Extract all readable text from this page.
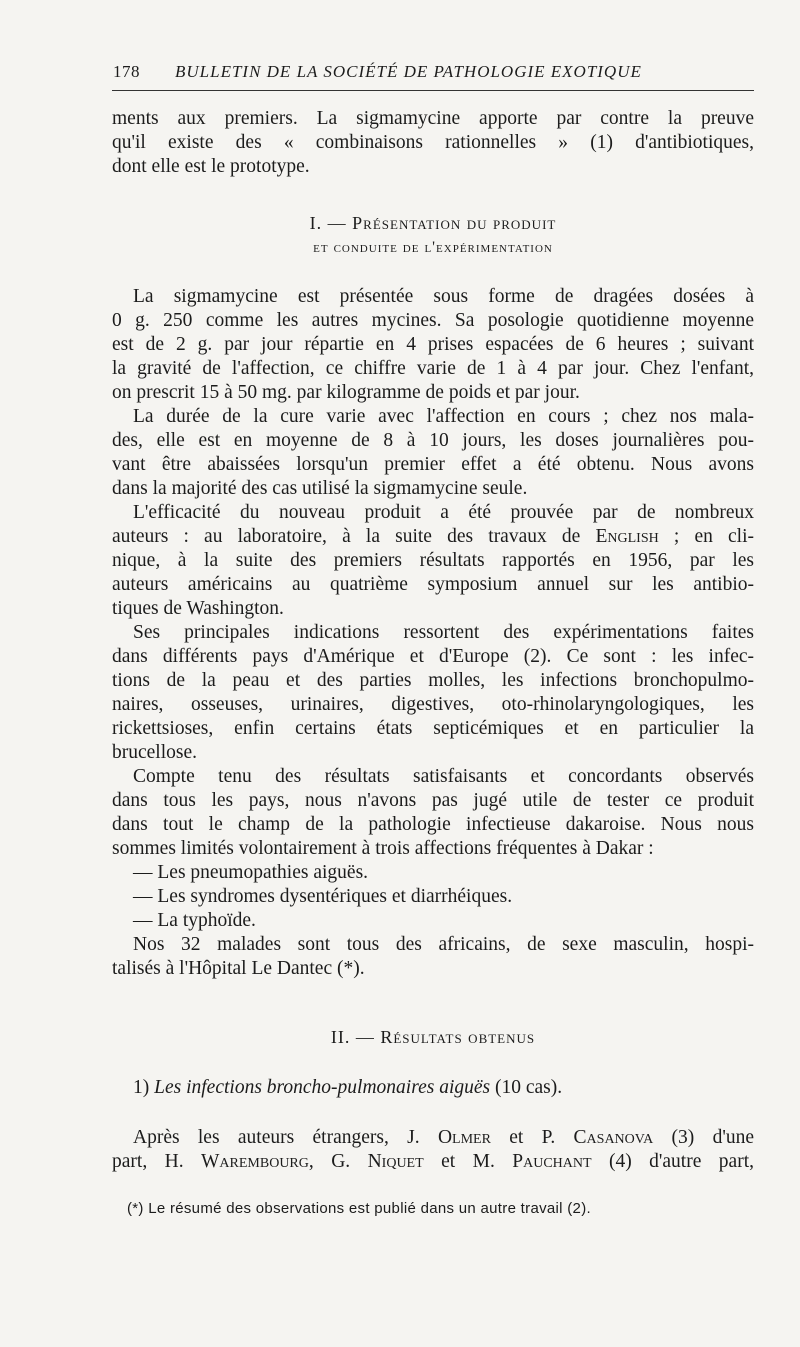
178	BULLETIN DE LA SOCIÉTÉ DE PATHOLOGIE EXOTIQUE
ments aux premiers. La sigmamycine apporte par contre la preuve
qu'il existe des « combinaisons rationnelles » (1) d'antibiotiques,
dont elle est le prototype.
I. — Présentation du produit
et conduite de l'expérimentation
La sigmamycine est présentée sous forme de dragées dosées à
0 g. 250 comme les autres mycines. Sa posologie quotidienne moyenne
est de 2 g. par jour répartie en 4 prises espacées de 6 heures ; suivant
la gravité de l'affection, ce chiffre varie de 1 à 4 par jour. Chez l'enfant,
on prescrit 15 à 50 mg. par kilogramme de poids et par jour.
La durée de la cure varie avec l'affection en cours ; chez nos mala-
des, elle est en moyenne de 8 à 10 jours, les doses journalières pou-
vant être abaissées lorsqu'un premier effet a été obtenu. Nous avons
dans la majorité des cas utilisé la sigmamycine seule.
L'efficacité du nouveau produit a été prouvée par de nombreux
auteurs : au laboratoire, à la suite des travaux de English ; en cli-
nique, à la suite des premiers résultats rapportés en 1956, par les
auteurs américains au quatrième symposium annuel sur les antibio-
tiques de Washington.
Ses principales indications ressortent des expérimentations faites
dans différents pays d'Amérique et d'Europe (2). Ce sont : les infec-
tions de la peau et des parties molles, les infections bronchopulmo-
naires, osseuses, urinaires, digestives, oto-rhinolaryngologiques, les
rickettsioses, enfin certains états septicémiques et en particulier la
brucellose.
Compte tenu des résultats satisfaisants et concordants observés
dans tous les pays, nous n'avons pas jugé utile de tester ce produit
dans tout le champ de la pathologie infectieuse dakaroise. Nous nous
sommes limités volontairement à trois affections fréquentes à Dakar :
— Les pneumopathies aiguës.
— Les syndromes dysentériques et diarrhéiques.
— La typhoïde.
Nos 32 malades sont tous des africains, de sexe masculin, hospi-
talisés à l'Hôpital Le Dantec (*).
II. — Résultats obtenus
1) Les infections broncho-pulmonaires aiguës (10 cas).
Après les auteurs étrangers, J. Olmer et P. Casanova (3) d'une
part, H. Warembourg, G. Niquet et M. Pauchant (4) d'autre part,
(*) Le résumé des observations est publié dans un autre travail (2).
